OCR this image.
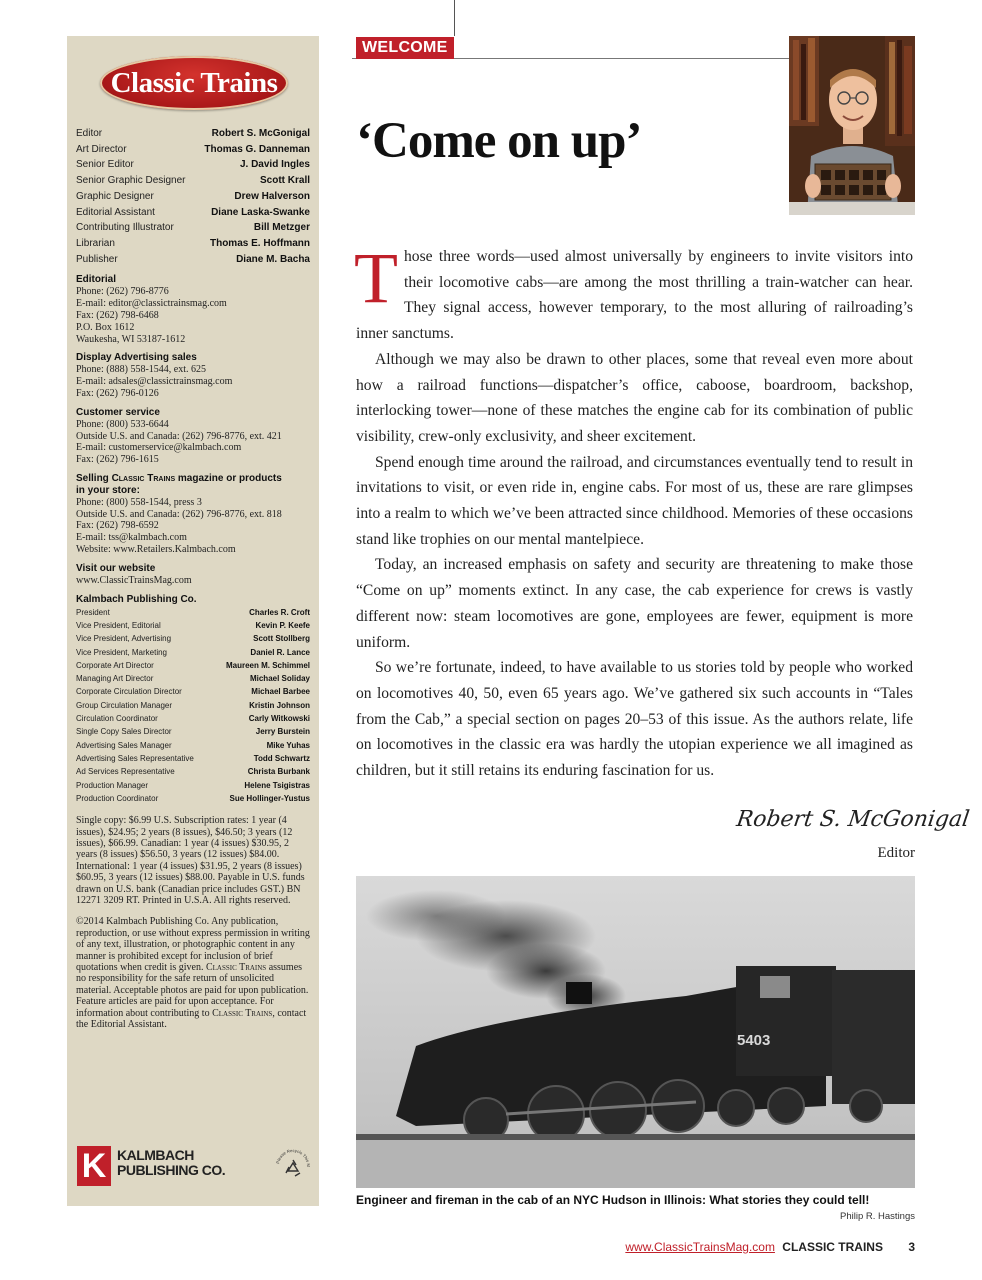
Classic Trains
Editor	Robert S. McGonigal
Art Director	Thomas G. Danneman
Senior Editor	J. David Ingles
Senior Graphic Designer	Scott Krall
Graphic Designer	Drew Halverson
Editorial Assistant	Diane Laska-Swanke
Contributing Illustrator	Bill Metzger
Librarian	Thomas E. Hoffmann
Publisher	Diane M. Bacha
Editorial
Phone: (262) 796-8776
E-mail: editor@classictrainsmag.com
Fax: (262) 798-6468
P.O. Box 1612
Waukesha, WI 53187-1612
Display Advertising sales
Phone: (888) 558-1544, ext. 625
E-mail: adsales@classictrainsmag.com
Fax: (262) 796-0126
Customer service
Phone: (800) 533-6644
Outside U.S. and Canada: (262) 796-8776, ext. 421
E-mail: customerservice@kalmbach.com
Fax: (262) 796-1615
Selling Classic Trains magazine or products
in your store:
Phone: (800) 558-1544, press 3
Outside U.S. and Canada: (262) 796-8776, ext. 818
Fax: (262) 798-6592
E-mail: tss@kalmbach.com
Website: www.Retailers.Kalmbach.com
Visit our website
www.ClassicTrainsMag.com
Kalmbach Publishing Co.
President	Charles R. Croft
Vice President, Editorial	Kevin P. Keefe
Vice President, Advertising	Scott Stollberg
Vice President, Marketing	Daniel R. Lance
Corporate Art Director	Maureen M. Schimmel
Managing Art Director	Michael Soliday
Corporate Circulation Director	Michael Barbee
Group Circulation Manager	Kristin Johnson
Circulation Coordinator	Carly Witkowski
Single Copy Sales Director	Jerry Burstein
Advertising Sales Manager	Mike Yuhas
Advertising Sales Representative	Todd Schwartz
Ad Services Representative	Christa Burbank
Production Manager	Helene Tsigistras
Production Coordinator	Sue Hollinger-Yustus
Single copy: $6.99 U.S. Subscription rates: 1 year (4 issues), $24.95; 2 years (8 issues), $46.50; 3 years (12 issues), $66.99. Canadian: 1 year (4 issues) $30.95, 2 years (8 issues) $56.50, 3 years (12 issues) $84.00. International: 1 year (4 issues) $31.95, 2 years (8 issues) $60.95, 3 years (12 issues) $88.00. Payable in U.S. funds drawn on U.S. bank (Canadian price includes GST.) BN 12271 3209 RT. Printed in U.S.A. All rights reserved.
©2014 Kalmbach Publishing Co. Any publication, reproduction, or use without express permission in writing of any text, illustration, or photographic content in any manner is prohibited except for inclusion of brief quotations when credit is given. Classic Trains assumes no responsibility for the safe return of unsolicited material. Acceptable photos are paid for upon publication. Feature articles are paid for upon acceptance. For information about contributing to Classic Trains, contact the Editorial Assistant.
K KALMBACH
PUBLISHING CO.	Please Recycle This M
WELCOME
‘Come on up’

Those three words—used almost universally by engineers to invite visitors into their locomotive cabs—are among the most thrilling a train-watcher can hear. They signal access, however temporary, to the most alluring of railroading’s inner sanctums.

Although we may also be drawn to other places, some that reveal even more about how a railroad functions—dispatcher’s office, caboose, boardroom, backshop, interlocking tower—none of these matches the engine cab for its combination of public visibility, crew-only exclusivity, and sheer excitement.

Spend enough time around the railroad, and circumstances eventually tend to result in invitations to visit, or even ride in, engine cabs. For most of us, these are rare glimpses into a realm to which we’ve been attracted since childhood. Memories of these occasions stand like trophies on our mental mantelpiece.

Today, an increased emphasis on safety and security are threatening to make those “Come on up” moments extinct. In any case, the cab experience for crews is vastly different now: steam locomotives are gone, employees are fewer, equipment is more uniform.

So we’re fortunate, indeed, to have available to us stories told by people who worked on locomotives 40, 50, even 65 years ago. We’ve gathered six such accounts in “Tales from the Cab,” a special section on pages 20–53 of this issue. As the authors relate, life on locomotives in the classic era was hardly the utopian experience we all imagined as children, but it still retains its enduring fascination for us.

Robert S. McGonigal
Editor
5403
Engineer and fireman in the cab of an NYC Hudson in Illinois: What stories they could tell!
Philip R. Hastings
www.ClassicTrainsMag.com CLASSIC TRAINS 3
